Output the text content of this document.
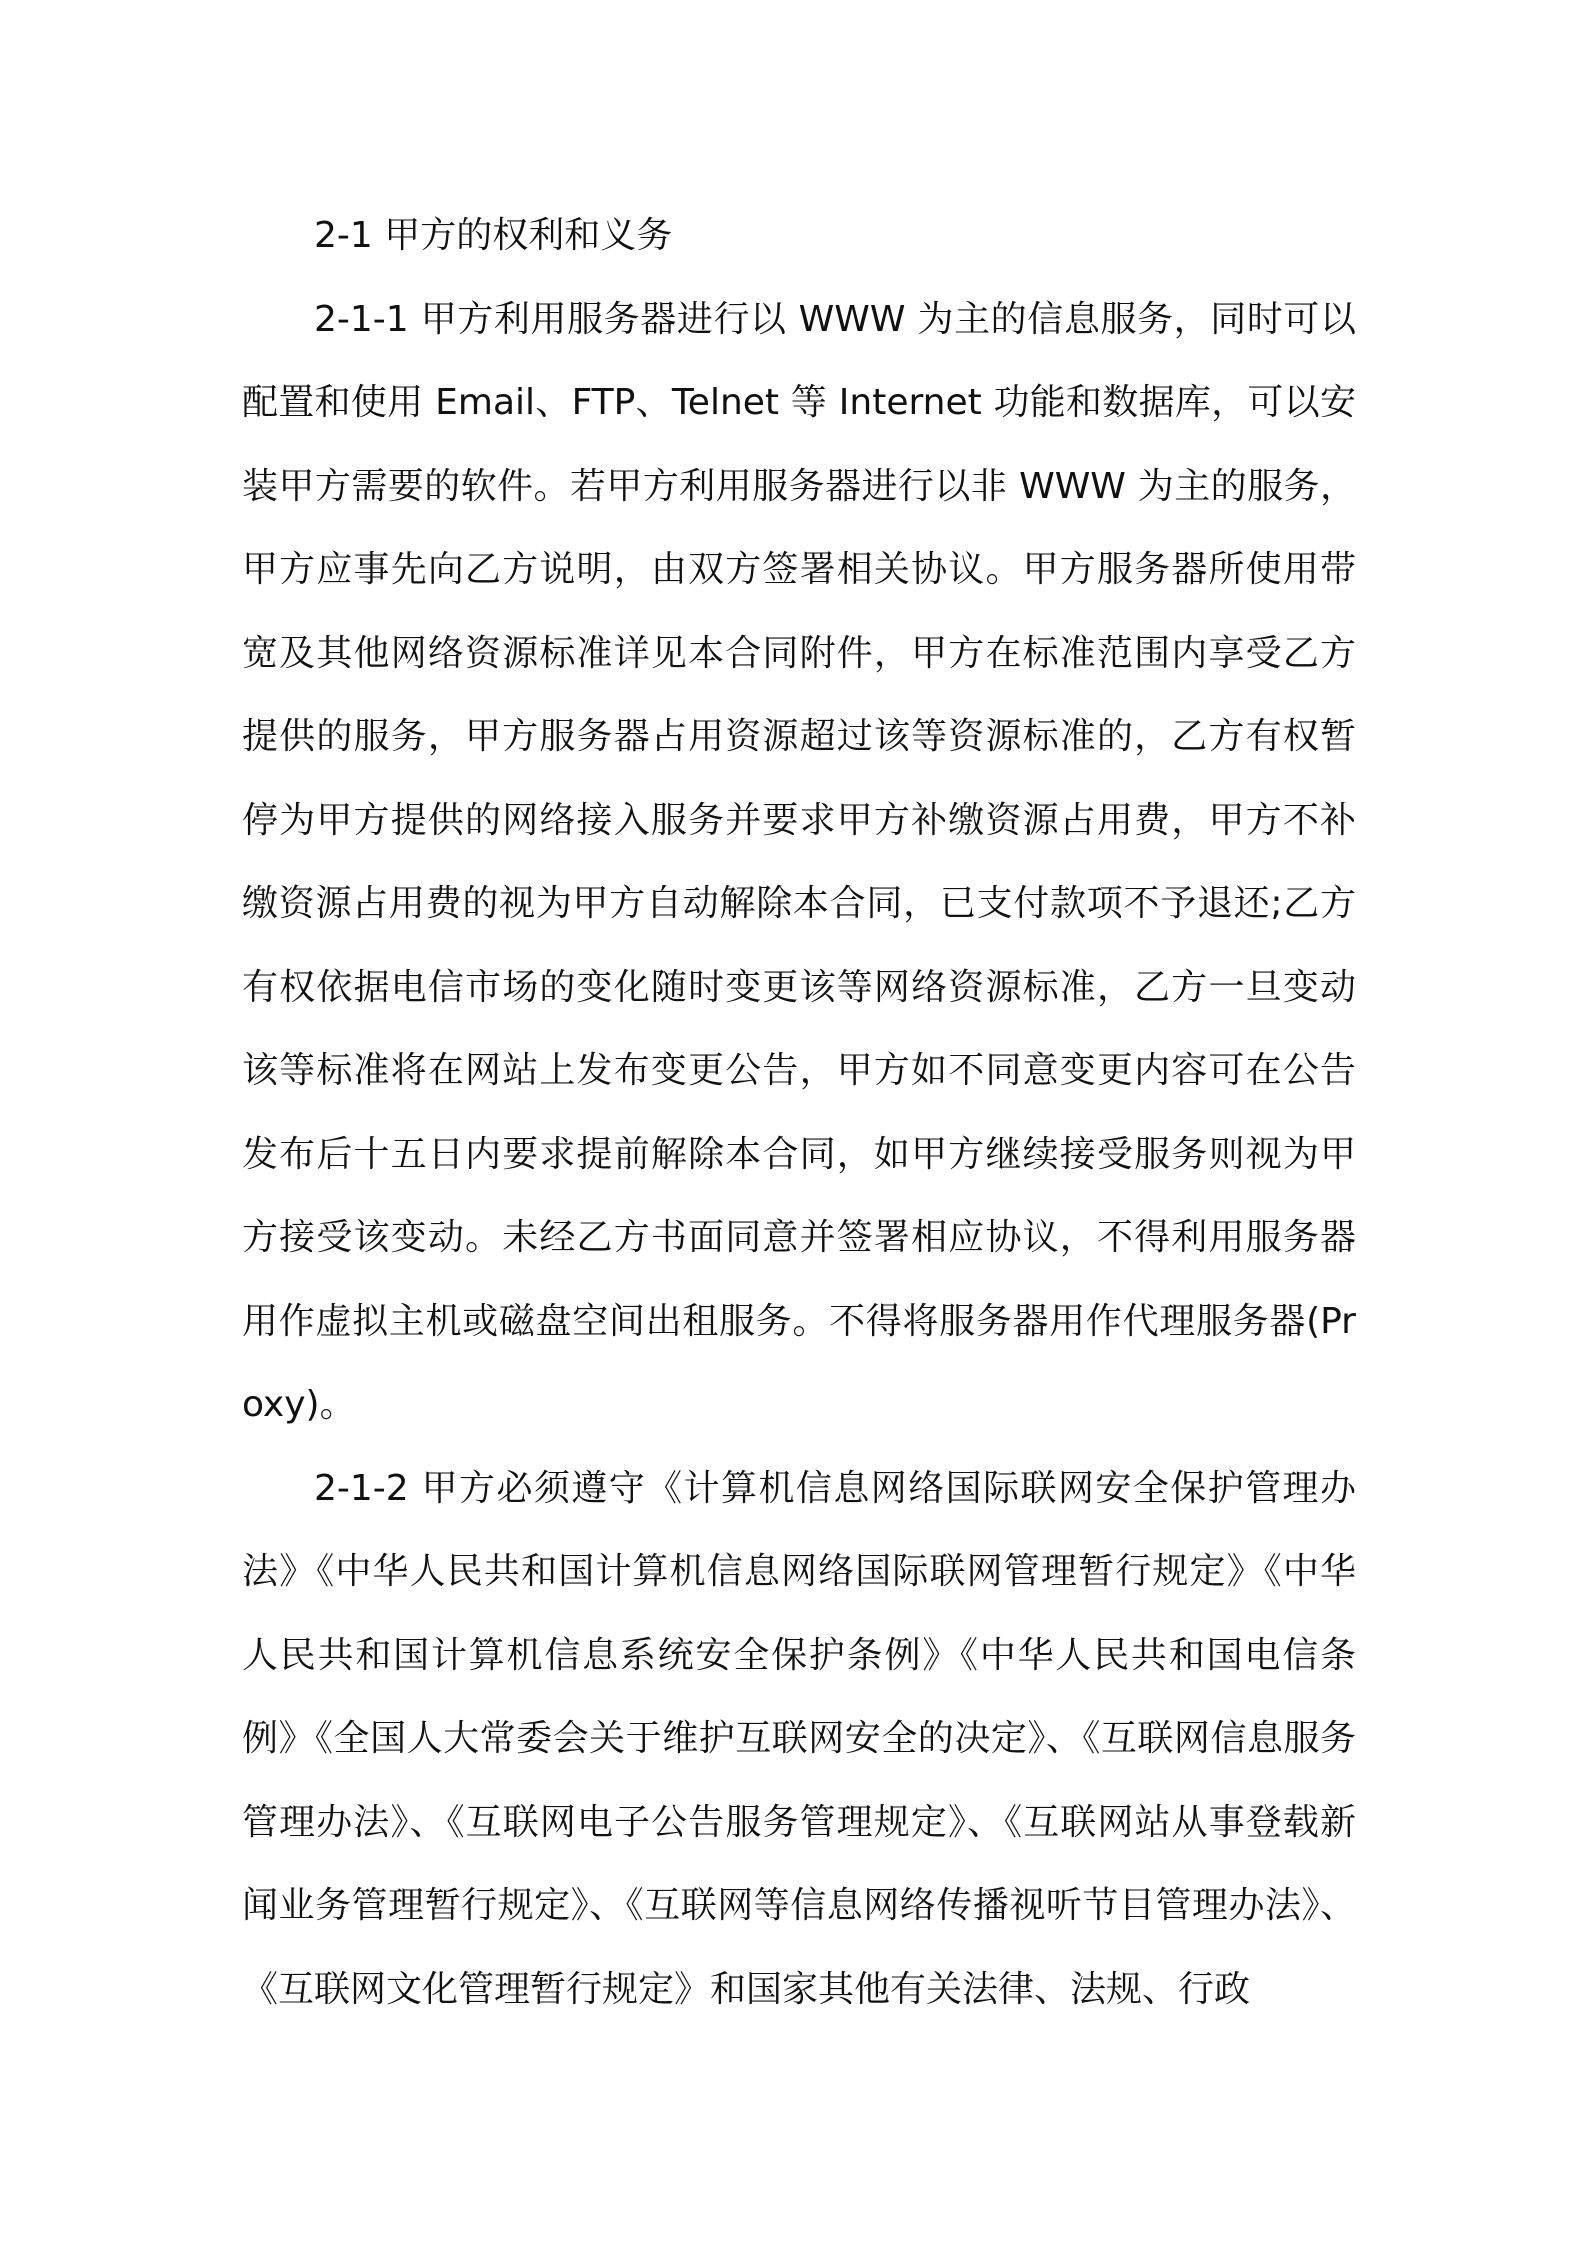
2-1 甲方的权利和义务

2-1-1 甲方利用服务器进行以 WWW 为主的信息服务，同时可以配置和使用 Email、FTP、Telnet 等 Internet 功能和数据库，可以安装甲方需要的软件。若甲方利用服务器进行以非 WWW 为主的服务，甲方应事先向乙方说明，由双方签署相关协议。甲方服务器所使用带宽及其他网络资源标准详见本合同附件，甲方在标准范围内享受乙方提供的服务，甲方服务器占用资源超过该等资源标准的，乙方有权暂停为甲方提供的网络接入服务并要求甲方补缴资源占用费，甲方不补缴资源占用费的视为甲方自动解除本合同，已支付款项不予退还;乙方有权依据电信市场的变化随时变更该等网络资源标准，乙方一旦变动该等标准将在网站上发布变更公告，甲方如不同意变更内容可在公告发布后十五日内要求提前解除本合同，如甲方继续接受服务则视为甲方接受该变动。未经乙方书面同意并签署相应协议，不得利用服务器用作虚拟主机或磁盘空间出租服务。不得将服务器用作代理服务器(Proxy)。

2-1-2 甲方必须遵守《计算机信息网络国际联网安全保护管理办法》《中华人民共和国计算机信息网络国际联网管理暂行规定》《中华人民共和国计算机信息系统安全保护条例》《中华人民共和国电信条例》《全国人大常委会关于维护互联网安全的决定》、《互联网信息服务管理办法》、《互联网电子公告服务管理规定》、《互联网站从事登载新闻业务管理暂行规定》、《互联网等信息网络传播视听节目管理办法》、《互联网文化管理暂行规定》和国家其他有关法律、法规、行政
